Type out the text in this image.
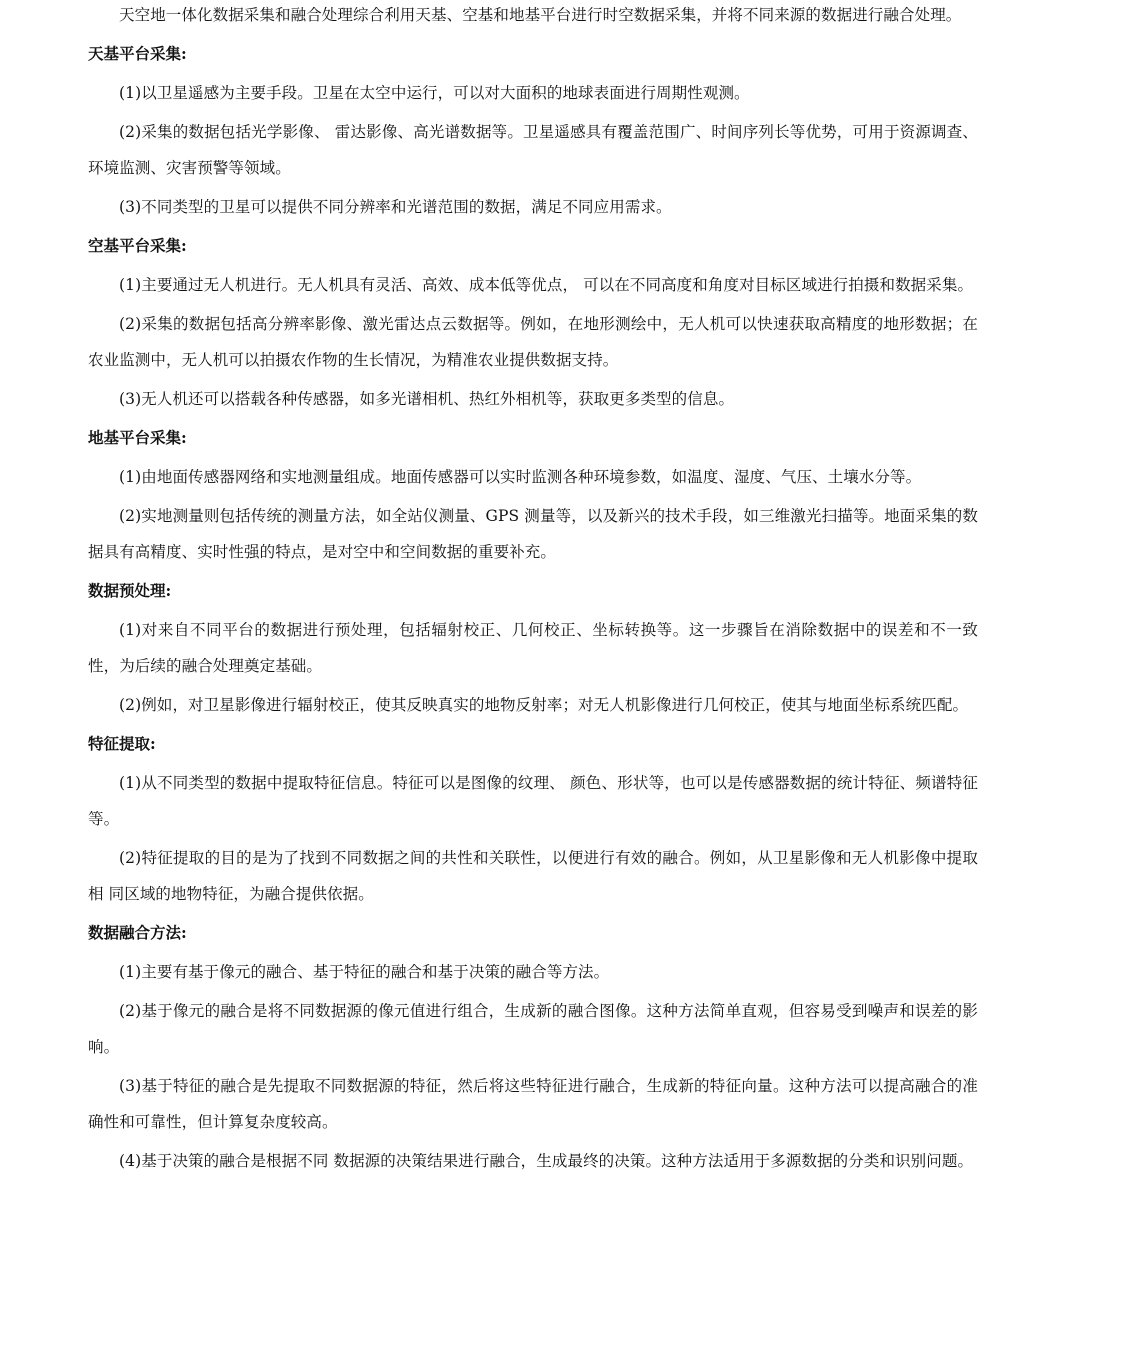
天空地一体化数据采集和融合处理综合利用天基、空基和地基平台进行时空数据采集，并将不同来源的数据进行融合处理。

天基平台采集:

(1)以卫星遥感为主要手段。卫星在太空中运行，可以对大面积的地球表面进行周期性观测。

(2)采集的数据包括光学影像、 雷达影像、高光谱数据等。卫星遥感具有覆盖范围广、时间序列长等优势，可用于资源调查、环境监测、灾害预警等领域。

(3)不同类型的卫星可以提供不同分辨率和光谱范围的数据，满足不同应用需求。

空基平台采集:

(1)主要通过无人机进行。无人机具有灵活、高效、成本低等优点， 可以在不同高度和角度对目标区域进行拍摄和数据采集。

(2)采集的数据包括高分辨率影像、激光雷达点云数据等。例如，在地形测绘中，无人机可以快速获取高精度的地形数据；在农业监测中，无人机可以拍摄农作物的生长情况，为精准农业提供数据支持。

(3)无人机还可以搭载各种传感器，如多光谱相机、热红外相机等，获取更多类型的信息。

地基平台采集:

(1)由地面传感器网络和实地测量组成。地面传感器可以实时监测各种环境参数，如温度、湿度、气压、土壤水分等。

(2)实地测量则包括传统的测量方法，如全站仪测量、GPS 测量等，以及新兴的技术手段，如三维激光扫描等。地面采集的数据具有高精度、实时性强的特点，是对空中和空间数据的重要补充。

数据预处理:

(1)对来自不同平台的数据进行预处理，包括辐射校正、几何校正、坐标转换等。这一步骤旨在消除数据中的误差和不一致性，为后续的融合处理奠定基础。

(2)例如，对卫星影像进行辐射校正，使其反映真实的地物反射率；对无人机影像进行几何校正，使其与地面坐标系统匹配。

特征提取:

(1)从不同类型的数据中提取特征信息。特征可以是图像的纹理、 颜色、形状等，也可以是传感器数据的统计特征、频谱特征等。

(2)特征提取的目的是为了找到不同数据之间的共性和关联性，以便进行有效的融合。例如，从卫星影像和无人机影像中提取相 同区域的地物特征，为融合提供依据。

数据融合方法:

(1)主要有基于像元的融合、基于特征的融合和基于决策的融合等方法。

(2)基于像元的融合是将不同数据源的像元值进行组合，生成新的融合图像。这种方法简单直观，但容易受到噪声和误差的影响。

(3)基于特征的融合是先提取不同数据源的特征，然后将这些特征进行融合，生成新的特征向量。这种方法可以提高融合的准确性和可靠性，但计算复杂度较高。

(4)基于决策的融合是根据不同 数据源的决策结果进行融合，生成最终的决策。这种方法适用于多源数据的分类和识别问题。
